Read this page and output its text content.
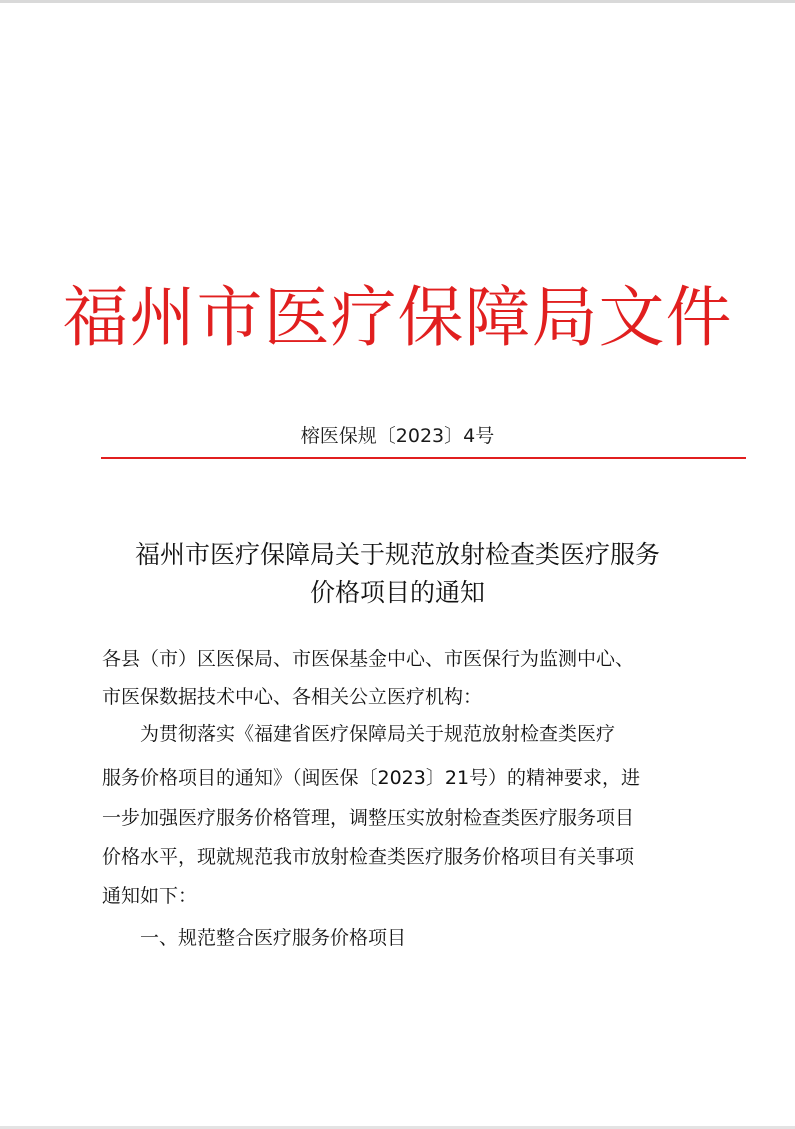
福州市医疗保障局文件
榕医保规〔2023〕4号
福州市医疗保障局关于规范放射检查类医疗服务
价格项目的通知
各县（市）区医保局、市医保基金中心、市医保行为监测中心、
市医保数据技术中心、各相关公立医疗机构：
为贯彻落实《福建省医疗保障局关于规范放射检查类医疗
服务价格项目的通知》（闽医保〔2023〕21号）的精神要求，进
一步加强医疗服务价格管理，调整压实放射检查类医疗服务项目
价格水平，现就规范我市放射检查类医疗服务价格项目有关事项
通知如下：
一、规范整合医疗服务价格项目
